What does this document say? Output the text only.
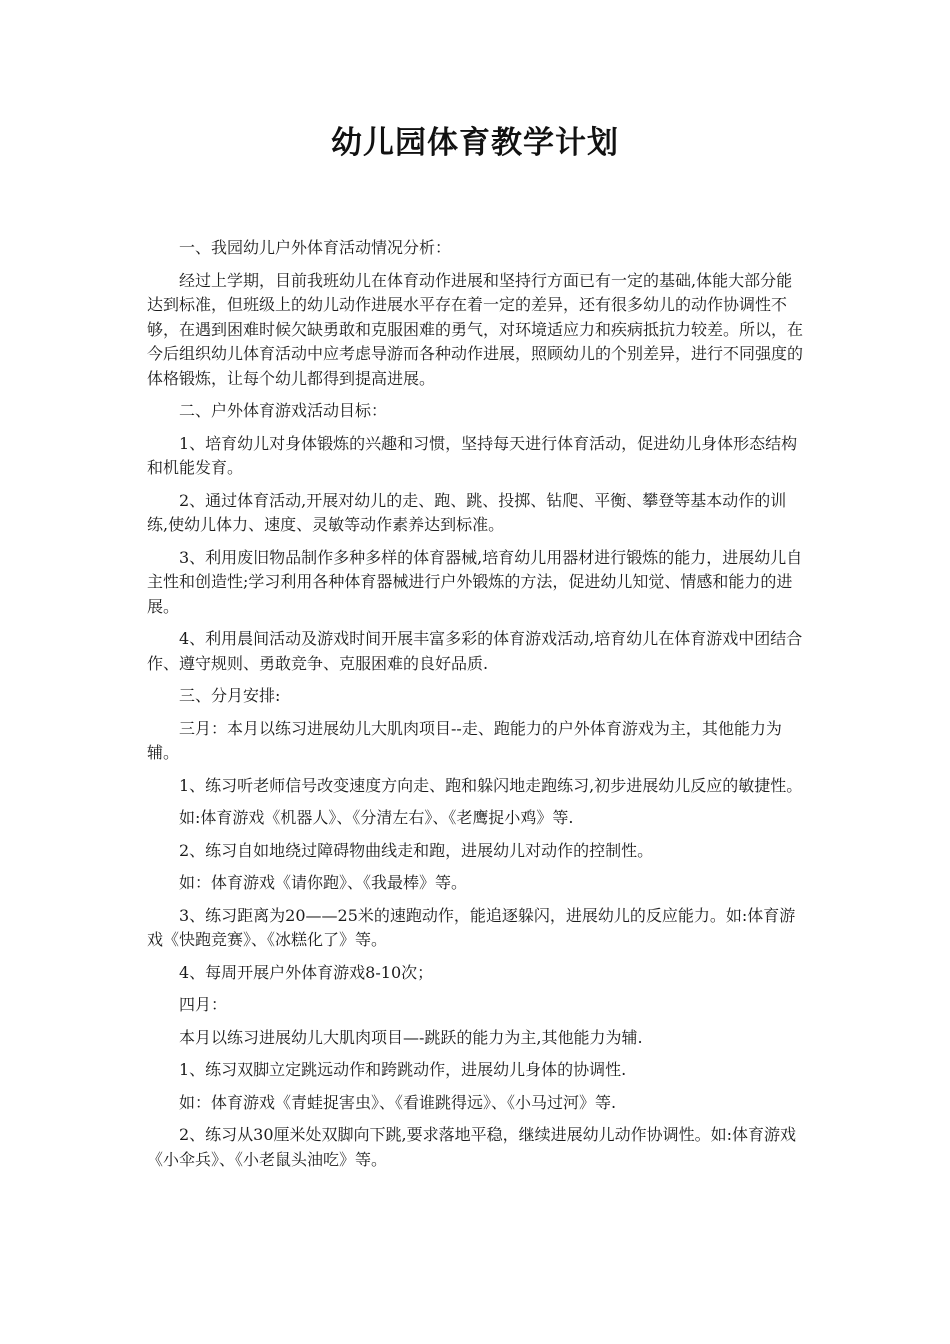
幼儿园体育教学计划

一、我园幼儿户外体育活动情况分析：

经过上学期，目前我班幼儿在体育动作进展和坚持行方面已有一定的基础,体能大部分能达到标准，但班级上的幼儿动作进展水平存在着一定的差异，还有很多幼儿的动作协调性不够，在遇到困难时候欠缺勇敢和克服困难的勇气，对环境适应力和疾病抵抗力较差。所以，在今后组织幼儿体育活动中应考虑导游而各种动作进展，照顾幼儿的个别差异，进行不同强度的体格锻炼，让每个幼儿都得到提高进展。

二、户外体育游戏活动目标：

1、培育幼儿对身体锻炼的兴趣和习惯，坚持每天进行体育活动，促进幼儿身体形态结构和机能发育。

2、通过体育活动,开展对幼儿的走、跑、跳、投掷、钻爬、平衡、攀登等基本动作的训练,使幼儿体力、速度、灵敏等动作素养达到标准。

3、利用废旧物品制作多种多样的体育器械,培育幼儿用器材进行锻炼的能力，进展幼儿自主性和创造性;学习利用各种体育器械进行户外锻炼的方法，促进幼儿知觉、情感和能力的进展。

4、利用晨间活动及游戏时间开展丰富多彩的体育游戏活动,培育幼儿在体育游戏中团结合作、遵守规则、勇敢竞争、克服困难的良好品质.

三、分月安排:

三月：本月以练习进展幼儿大肌肉项目--走、跑能力的户外体育游戏为主，其他能力为辅。

1、练习听老师信号改变速度方向走、跑和躲闪地走跑练习,初步进展幼儿反应的敏捷性。

如:体育游戏《机器人》、《分清左右》、《老鹰捉小鸡》等.

2、练习自如地绕过障碍物曲线走和跑，进展幼儿对动作的控制性。

如：体育游戏《请你跑》、《我最棒》等。

3、练习距离为20——25米的速跑动作，能追逐躲闪，进展幼儿的反应能力。如:体育游戏《快跑竞赛》、《冰糕化了》等。

4、每周开展户外体育游戏8-10次；

四月：

本月以练习进展幼儿大肌肉项目—-跳跃的能力为主,其他能力为辅.

1、练习双脚立定跳远动作和跨跳动作，进展幼儿身体的协调性.

如：体育游戏《青蛙捉害虫》、《看谁跳得远》、《小马过河》等.

2、练习从30厘米处双脚向下跳,要求落地平稳，继续进展幼儿动作协调性。如:体育游戏《小伞兵》、《小老鼠头油吃》等。
